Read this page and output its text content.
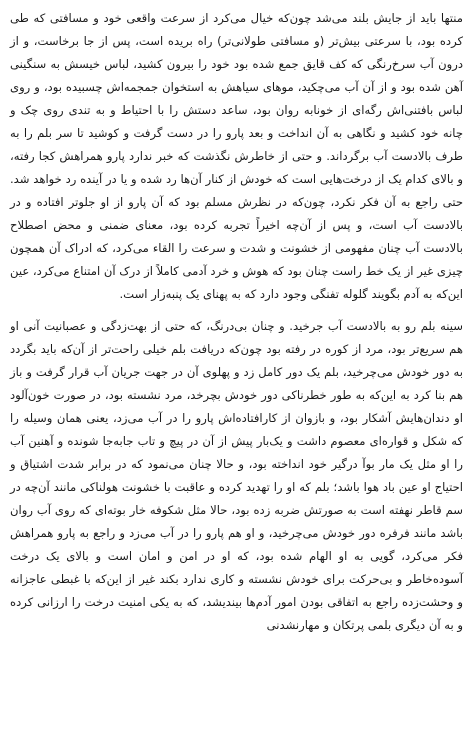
منتها باید از جایش بلند می‌شد چون‌که خیال می‌کرد از سرعت واقعی خود و مسافتی که طی کرده بود، با سرعتی بیش‌تر (و مسافتی طولانی‌تر) راه بریده است، پس از جا برخاست، و از درون آب سرخ‌رنگی که کف قایق جمع شده بود خود را بیرون کشید، لباس خیسش به سنگینی آهن شده بود و از آن آب می‌چکید، موهای سیاهش به استخوان جمجمه‌اش چسبیده بود، و روی لباس بافتنی‌اش رگه‌ای از خونابه روان بود، ساعد دستش را با احتیاط و به تندی روی چک و چانه خود کشید و نگاهی به آن انداخت و بعد پارو را در دست گرفت و کوشید تا سر بلم را به طرف بالادست آب برگرداند. و حتی از خاطرش نگذشت که خبر ندارد پارو همراهش کجا رفته، و بالای کدام یک از درخت‌هایی است که خودش از کنار آن‌ها رد شده و یا در آینده رد خواهد شد. حتی راجع به آن فکر نکرد، چون‌که در نظرش مسلم بود که آن پارو از او جلوتر افتاده و در بالادست آب است، و پس از آن‌چه اخیراً تجربه کرده بود، معنای ضمنی و محض اصطلاح بالادست آب چنان مفهومی از خشونت و شدت و سرعت را القاء می‌کرد، که ادراک آن همچون چیزی غیر از یک خط راست چنان بود که هوش و خرد آدمی کاملاً از درک آن امتناع می‌کرد، عین این‌که به آدم بگویند گلوله تفنگی وجود دارد که به پهنای یک پنبه‌زار است.

سینه بلم رو به بالادست آب جرخید. و چنان بی‌درنگ، که حتی از بهت‌زدگی و عصبانیت آنی او هم سریع‌تر بود، مرد از کوره در رفته بود چون‌که دریافت بلم خیلی راحت‌تر از آن‌که باید بگردد به دور خودش می‌چرخید، بلم یک دور کامل زد و پهلوی آن در جهت جریان آب قرار گرفت و باز هم بنا کرد به این‌که به طور خطرناکی دور خودش بچرخد، مرد نشسته بود، در صورت خون‌آلود او دندان‌هایش آشکار بود، و بازوان از کارافتاده‌اش پارو را در آب می‌زد، یعنی همان وسیله را که شکل و قواره‌ای معصوم داشت و یک‌بار پیش از آن در پیچ و تاب جابه‌جا شونده و آهنین آب را او مثل یک مار بوآ درگیر خود انداخته بود، و حالا چنان می‌نمود که در برابر شدت اشتیاق و احتیاج او عین باد هوا باشد؛ بلم که او را تهدید کرده و عاقبت با خشونت هولناکی مانند آن‌چه در سم قاطر نهفته است به صورتش ضربه زده بود، حالا مثل شکوفه خار بوته‌ای که روی آب روان باشد مانند فرفره دور خودش می‌چرخید، و او هم پارو را در آب می‌زد و راجع به پارو همراهش فکر می‌کرد، گویی به او الهام شده بود، که او در امن و امان است و بالای یک درخت آسوده‌خاطر و بی‌حرکت برای خودش نشسته و کاری ندارد بکند غیر از این‌که با غبطی عاجزانه و وحشت‌زده راجع به اتفاقی بودن امور آدم‌ها بیندیشد، که به یکی امنیت درخت را ارزانی کرده و به آن دیگری بلمی پرتکان و مهارنشدنی
